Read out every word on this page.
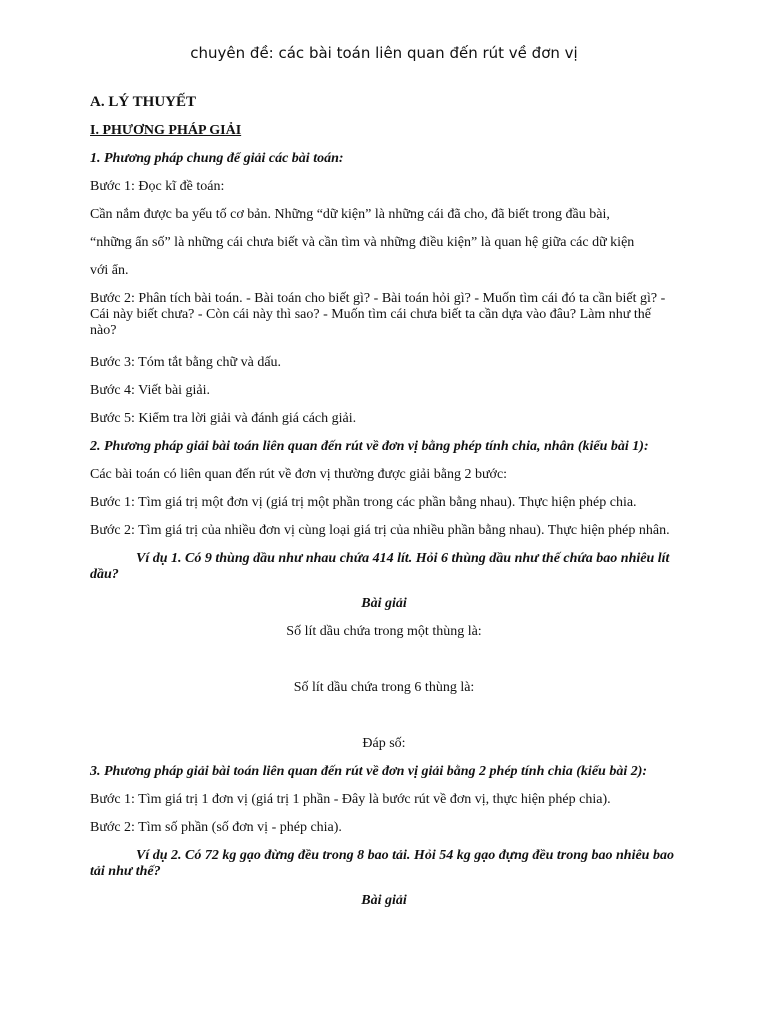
chuyên đề: các bài toán liên quan đến rút về đơn vị
A. LÝ THUYẾT
I. PHƯƠNG PHÁP GIẢI
1. Phương pháp chung để giải các bài toán:
Bước 1: Đọc kĩ đề toán:
Cần nắm được ba yếu tố cơ bản. Những “dữ kiện” là những cái đã cho, đã biết trong đầu bài,
“những ẩn số” là những cái chưa biết và cần tìm và những điều kiện” là quan hệ giữa các dữ kiện
với ẩn.
Bước 2: Phân tích bài toán. - Bài toán cho biết gì? - Bài toán hỏi gì? - Muốn tìm cái đó ta cần biết gì? - Cái này biết chưa? - Còn cái này thì sao? - Muốn tìm cái chưa biết ta cần dựa vào đâu? Làm như thế nào?
Bước 3: Tóm tắt bằng chữ và dấu.
Bước 4: Viết bài giải.
Bước 5: Kiểm tra lời giải và đánh giá cách giải.
2. Phương pháp giải bài toán liên quan đến rút về đơn vị bằng phép tính chia, nhân (kiểu bài 1):
Các bài toán có liên quan đến rút về đơn vị thường được giải bằng 2 bước:
Bước 1: Tìm giá trị một đơn vị (giá trị một phần trong các phần bằng nhau). Thực hiện phép chia.
Bước 2: Tìm giá trị của nhiều đơn vị cùng loại giá trị của nhiều phần bằng nhau). Thực hiện phép nhân.
Ví dụ 1. Có 9 thùng dầu như nhau chứa 414 lít. Hỏi 6 thùng dầu như thế chứa bao nhiêu lít dầu?
Bài giải
Số lít dầu chứa trong một thùng là:
Số lít dầu chứa trong 6 thùng là:
Đáp số:
3. Phương pháp giải bài toán liên quan đến rút về đơn vị giải bằng 2 phép tính chia (kiểu bài 2):
Bước 1: Tìm giá trị 1 đơn vị (giá trị 1 phần - Đây là bước rút về đơn vị, thực hiện phép chia).
Bước 2: Tìm số phần (số đơn vị - phép chia).
Ví dụ 2. Có 72 kg gạo đừng đều trong 8 bao tải. Hỏi 54 kg gạo đựng đều trong bao nhiêu bao tải như thế?
Bài giải
